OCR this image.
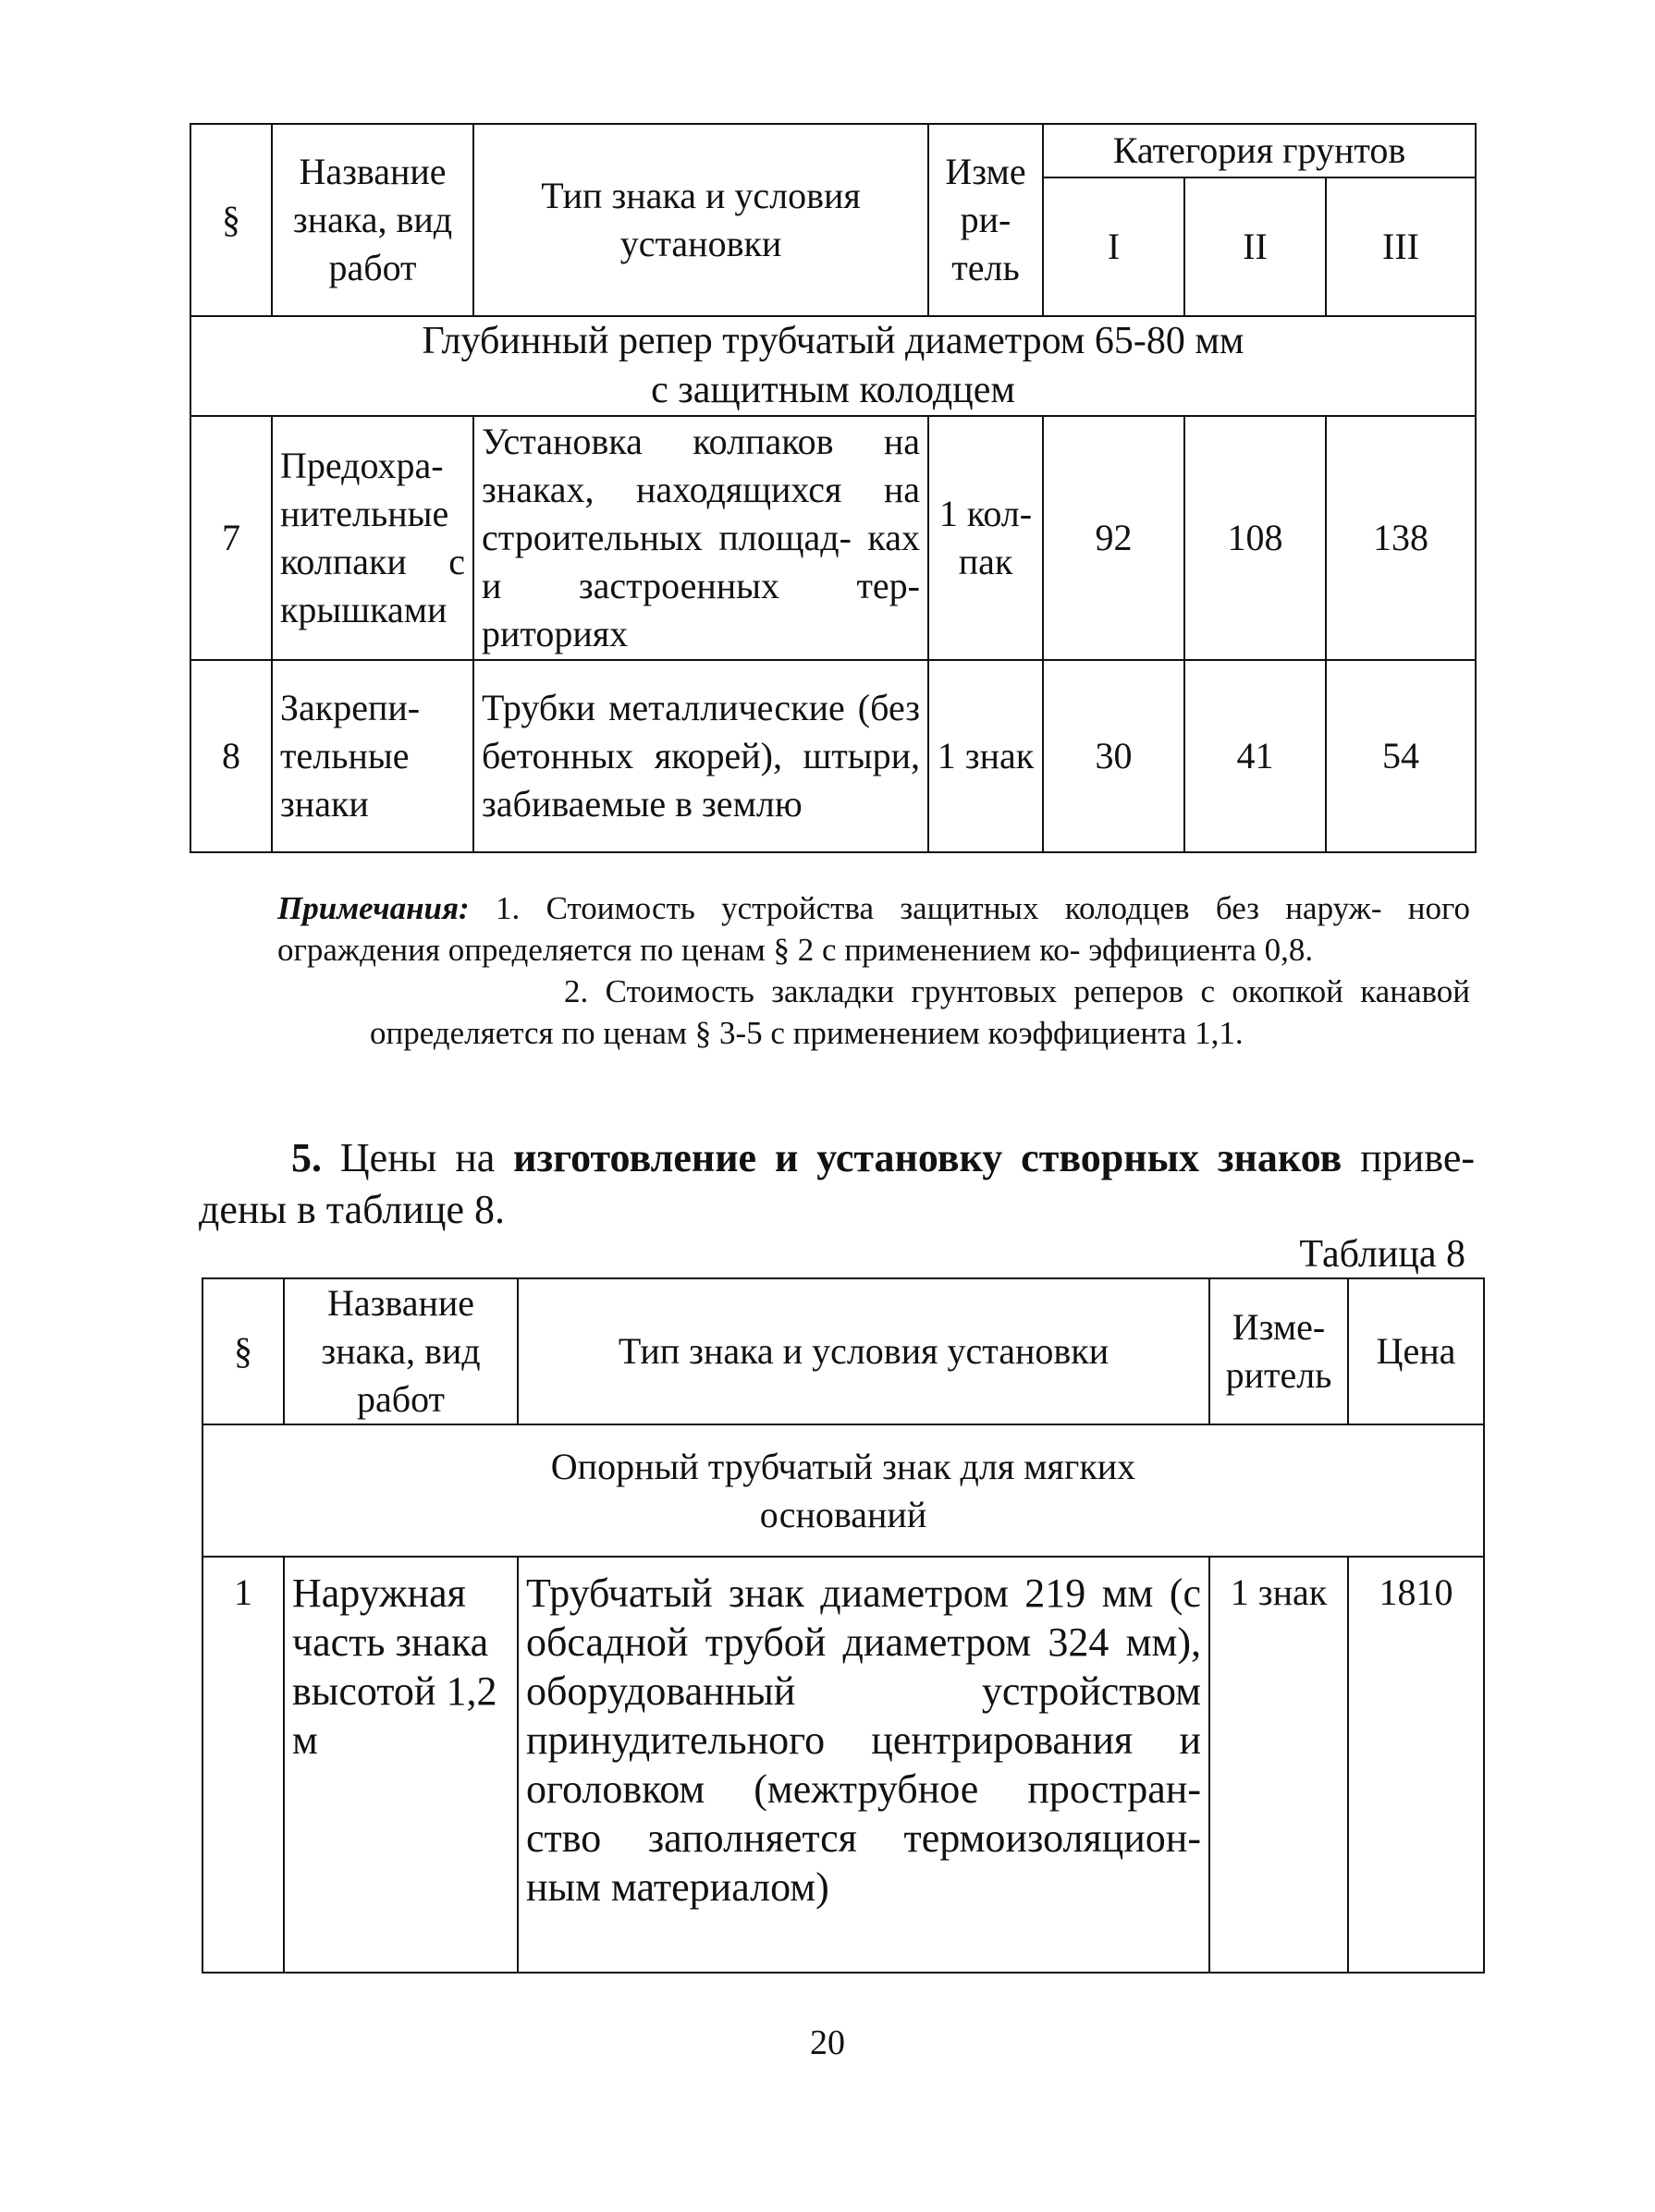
§	Название знака, вид работ	Тип знака и условия установки	Изме ри- тель	Категория грунтов		
				I	II	III

Глубинный репер трубчатый диаметром 65-80 мм
с защитным колодцем						

7	Предохра- нительные колпаки с крышками	Установка колпаков на знаках, находящихся на строительных площад- ках и застроенных тер- риториях	1 кол- пак	92	108	138
8	Закрепи- тельные знаки	Трубки металлические (без бетонных якорей), штыри, забиваемые в землю	1 знак	30	41	54

Примечания: 1. Стоимость устройства защитных колодцев без наруж- ного ограждения определяется по ценам § 2 с применением ко- эффициента 0,8.

2. Стоимость закладки грунтовых реперов с окопкой канавой определяется по ценам § 3-5 с применением коэффициента 1,1.

5. Цены на изготовление и установку створных знаков приве- дены в таблице 8.
Таблица 8
§	Название знака, вид работ	Тип знака и условия установки	Изме- ритель	Цена

Опорный трубчатый знак для мягких
оснований				

1	Наружная часть знака высотой 1,2 м	Трубчатый знак диаметром 219 мм (с обсадной трубой диаметром 324 мм), оборудованный устройством принудительного центрирования и оголовком (межтрубное простран- ство заполняется термоизоляцион- ным материалом)	1 знак	1810
20
